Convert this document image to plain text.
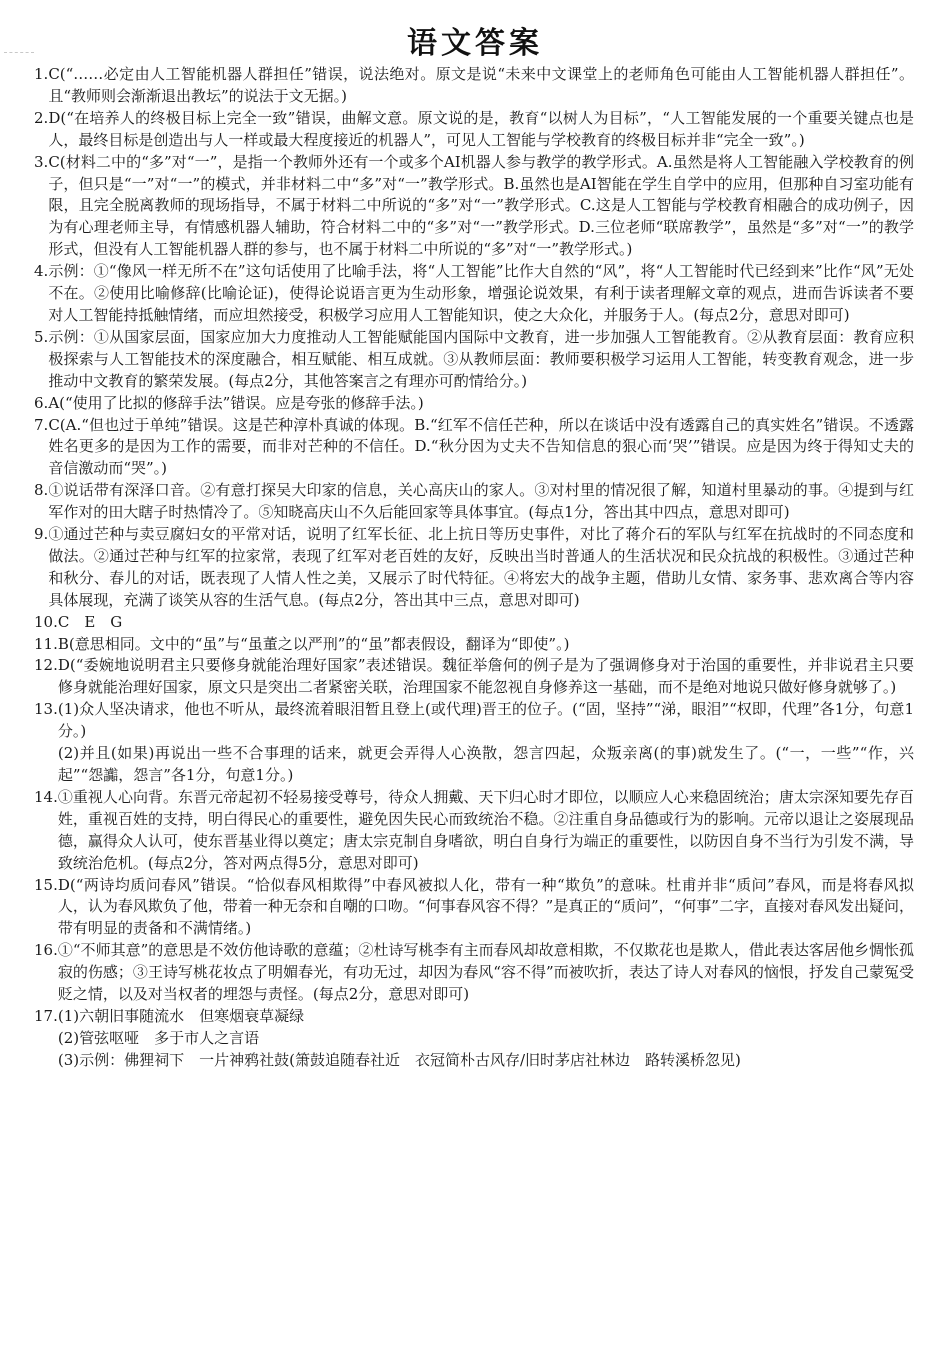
语文答案
1. C(“……必定由人工智能机器人群担任”错误，说法绝对。原文是说“未来中文课堂上的老师角色可能由人工智能机器人群担任”。且“教师则会渐渐退出教坛”的说法于文无据。)
2. D(“在培养人的终极目标上完全一致”错误，曲解文意。原文说的是，教育“以树人为目标”，“人工智能发展的一个重要关键点也是人，最终目标是创造出与人一样或最大程度接近的机器人”，可见人工智能与学校教育的终极目标并非“完全一致”。)
3. C(材料二中的“多”对“一”，是指一个教师外还有一个或多个AI机器人参与教学的教学形式。A.虽然是将人工智能融入学校教育的例子，但只是“一”对“一”的模式，并非材料二中“多”对“一”教学形式。B.虽然也是AI智能在学生自学中的应用，但那种自习室功能有限，且完全脱离教师的现场指导，不属于材料二中所说的“多”对“一”教学形式。C.这是人工智能与学校教育相融合的成功例子，因为有心理老师主导，有情感机器人辅助，符合材料二中的“多”对“一”教学形式。D.三位老师“联席教学”，虽然是“多”对“一”的教学形式，但没有人工智能机器人群的参与，也不属于材料二中所说的“多”对“一”教学形式。)
4. 示例：①“像风一样无所不在”这句话使用了比喻手法，将“人工智能”比作大自然的“风”，将“人工智能时代已经到来”比作“风”无处不在。②使用比喻修辞(比喻论证)，使得论说语言更为生动形象，增强论说效果，有利于读者理解文章的观点，进而告诉读者不要对人工智能持抵触情绪，而应坦然接受，积极学习应用人工智能知识，使之大众化，并服务于人。(每点2分，意思对即可)
5. 示例：①从国家层面，国家应加大力度推动人工智能赋能国内国际中文教育，进一步加强人工智能教育。②从教育层面：教育应积极探索与人工智能技术的深度融合，相互赋能、相互成就。③从教师层面：教师要积极学习运用人工智能，转变教育观念，进一步推动中文教育的繁荣发展。(每点2分，其他答案言之有理亦可酌情给分。)
6. A(“使用了比拟的修辞手法”错误。应是夸张的修辞手法。)
7. C(A.“但也过于单纯”错误。这是芒种淳朴真诚的体现。B.“红军不信任芒种，所以在谈话中没有透露自己的真实姓名”错误。不透露姓名更多的是因为工作的需要，而非对芒种的不信任。D.“秋分因为丈夫不告知信息的狠心而‘哭’”错误。应是因为终于得知丈夫的音信激动而“哭”。)
8. ①说话带有深泽口音。②有意打探吴大印家的信息，关心高庆山的家人。③对村里的情况很了解，知道村里暴动的事。④提到与红军作对的田大瞎子时热情冷了。⑤知晓高庆山不久后能回家等具体事宜。(每点1分，答出其中四点，意思对即可)
9. ①通过芒种与卖豆腐妇女的平常对话，说明了红军长征、北上抗日等历史事件，对比了蒋介石的军队与红军在抗战时的不同态度和做法。②通过芒种与红军的拉家常，表现了红军对老百姓的友好，反映出当时普通人的生活状况和民众抗战的积极性。③通过芒种和秋分、春儿的对话，既表现了人情人性之美，又展示了时代特征。④将宏大的战争主题，借助儿女情、家务事、悲欢离合等内容具体展现，充满了谈笑从容的生活气息。(每点2分，答出其中三点，意思对即可)
10. C　E　G
11. B(意思相同。文中的“虽”与“虽董之以严刑”的“虽”都表假设，翻译为“即使”。)
12. D(“委婉地说明君主只要修身就能治理好国家”表述错误。魏征举詹何的例子是为了强调修身对于治国的重要性，并非说君主只要修身就能治理好国家，原文只是突出二者紧密关联，治理国家不能忽视自身修养这一基础，而不是绝对地说只做好修身就够了。)
13. (1)众人坚决请求，他也不听从，最终流着眼泪暂且登上(或代理)晋王的位子。(“固，坚持”“涕，眼泪”“权即，代理”各1分，句意1分。)
(2)并且(如果)再说出一些不合事理的话来，就更会弄得人心涣散，怨言四起，众叛亲离(的事)就发生了。(“一，一些”“作，兴起”“怨讟，怨言”各1分，句意1分。)
14. ①重视人心向背。东晋元帝起初不轻易接受尊号，待众人拥戴、天下归心时才即位，以顺应人心来稳固统治；唐太宗深知要先存百姓，重视百姓的支持，明白得民心的重要性，避免因失民心而致统治不稳。②注重自身品德或行为的影响。元帝以退让之姿展现品德，赢得众人认可，使东晋基业得以奠定；唐太宗克制自身嗜欲，明白自身行为端正的重要性，以防因自身不当行为引发不满，导致统治危机。(每点2分，答对两点得5分，意思对即可)
15. D(“两诗均质问春风”错误。“恰似春风相欺得”中春风被拟人化，带有一种“欺负”的意味。杜甫并非“质问”春风，而是将春风拟人，认为春风欺负了他，带着一种无奈和自嘲的口吻。“何事春风容不得？”是真正的“质问”，“何事”二字，直接对春风发出疑问，带有明显的责备和不满情绪。)
16. ①“不师其意”的意思是不效仿他诗歌的意蕴；②杜诗写桃李有主而春风却故意相欺，不仅欺花也是欺人，借此表达客居他乡惆怅孤寂的伤感；③王诗写桃花妆点了明媚春光，有功无过，却因为春风“容不得”而被吹折，表达了诗人对春风的恼恨，抒发自己蒙冤受贬之情，以及对当权者的埋怨与责怪。(每点2分，意思对即可)
17. (1)六朝旧事随流水　但寒烟衰草凝绿
(2)管弦呕哑　多于市人之言语
(3)示例：佛狸祠下　一片神鸦社鼓(箫鼓追随春社近　衣冠简朴古风存/旧时茅店社林边　路转溪桥忽见)
